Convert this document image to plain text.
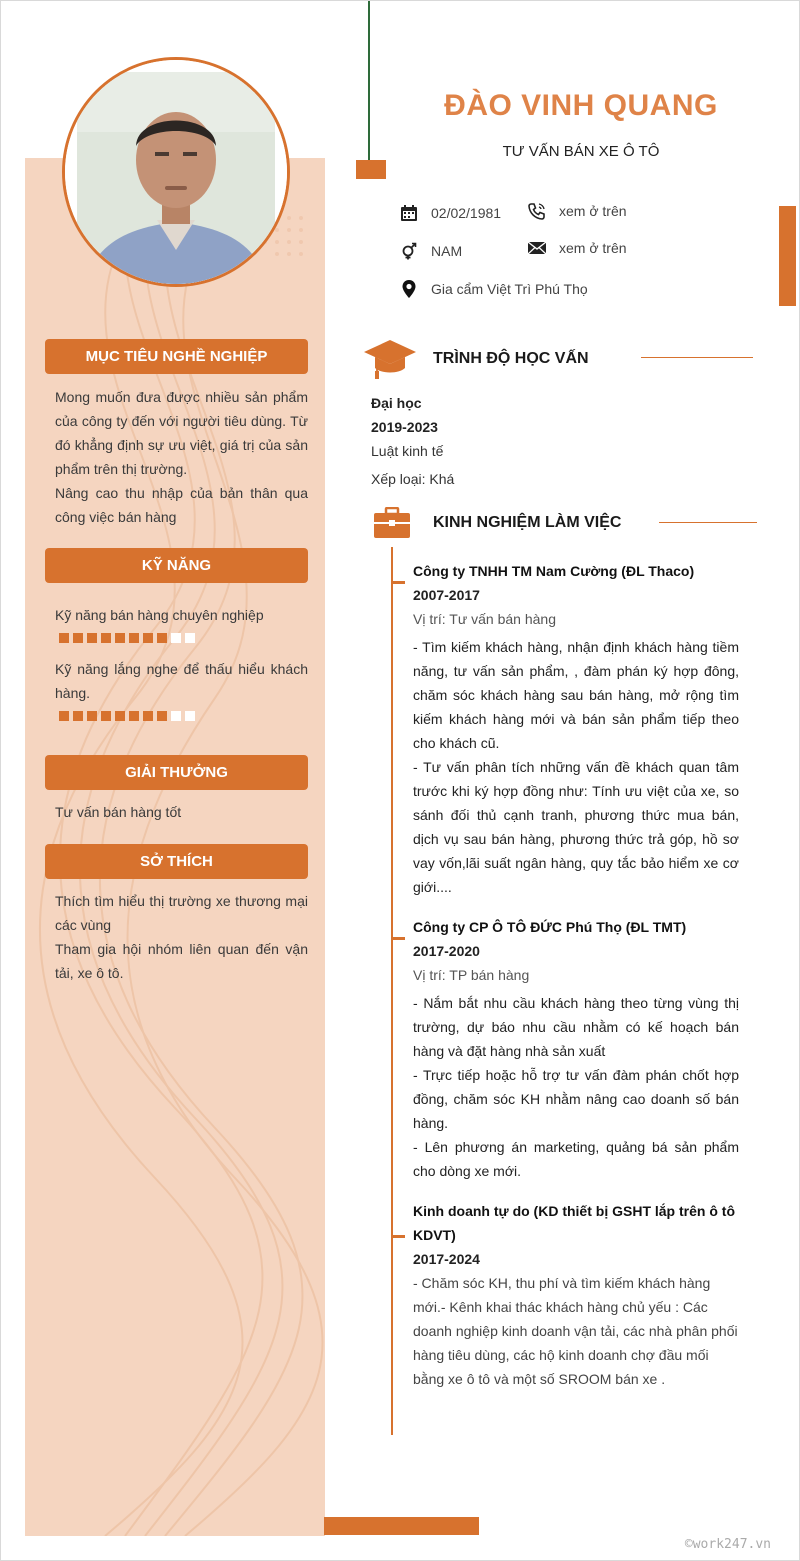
ĐÀO VINH QUANG
TƯ VẤN BÁN XE Ô TÔ
02/02/1981	xem ở trên
NAM	xem ở trên
Gia cẩm Việt Trì Phú Thọ
MỤC TIÊU NGHỀ NGHIỆP

Mong muốn đưa được nhiều sản phẩm của công ty đến với người tiêu dùng. Từ đó khẳng định sự ưu việt, giá trị của sản phẩm trên thị trường.

Nâng cao thu nhập của bản thân qua công việc bán hàng

KỸ NĂNG
Kỹ năng bán hàng chuyên nghiệp
Kỹ năng lắng nghe để thấu hiểu khách hàng.
GIẢI THƯỞNG
Tư vấn bán hàng tốt
SỞ THÍCH

Thích tìm hiểu thị trường xe thương mại các vùng

Tham gia hội nhóm liên quan đến vận tải, xe ô tô.

TRÌNH ĐỘ HỌC VẤN
Đại học
2019-2023
Luật kinh tế
Xếp loại: Khá
KINH NGHIỆM LÀM VIỆC
Công ty TNHH TM Nam Cường (ĐL Thaco)
2007-2017
Vị trí: Tư vấn bán hàng

- Tìm kiếm khách hàng, nhận định khách hàng tiềm năng, tư vấn sản phẩm, , đàm phán ký hợp đông, chăm sóc khách hàng sau bán hàng, mở rộng tìm kiếm khách hàng mới và bán sản phẩm tiếp theo cho khách cũ.

- Tư vấn phân tích những vấn đề khách quan tâm trước khi ký hợp đồng như: Tính ưu việt của xe, so sánh đối thủ cạnh tranh, phương thức mua bán, dịch vụ sau bán hàng, phương thức trả góp, hồ sơ vay vốn,lãi suất ngân hàng, quy tắc bảo hiểm xe cơ giới....

Công ty CP Ô TÔ ĐỨC Phú Thọ (ĐL TMT)
2017-2020
Vị trí: TP bán hàng

- Nắm bắt nhu cầu khách hàng theo từng vùng thị trường, dự báo nhu cầu nhằm có kế hoạch bán hàng và đặt hàng nhà sản xuất

- Trực tiếp hoặc hỗ trợ tư vấn đàm phán chốt hợp đồng, chăm sóc KH nhằm nâng cao doanh số bán hàng.

- Lên phương án marketing, quảng bá sản phẩm cho dòng xe mới.

Kinh doanh tự do (KD thiết bị GSHT lắp trên ô tô KDVT)
2017-2024

- Chăm sóc KH, thu phí và tìm kiếm khách hàng mới.- Kênh khai thác khách hàng chủ yếu : Các doanh nghiệp kinh doanh vận tải, các nhà phân phối hàng tiêu dùng, các hộ kinh doanh chợ đầu mối bằng xe ô tô và một số SROOM bán xe .

©work247.vn
